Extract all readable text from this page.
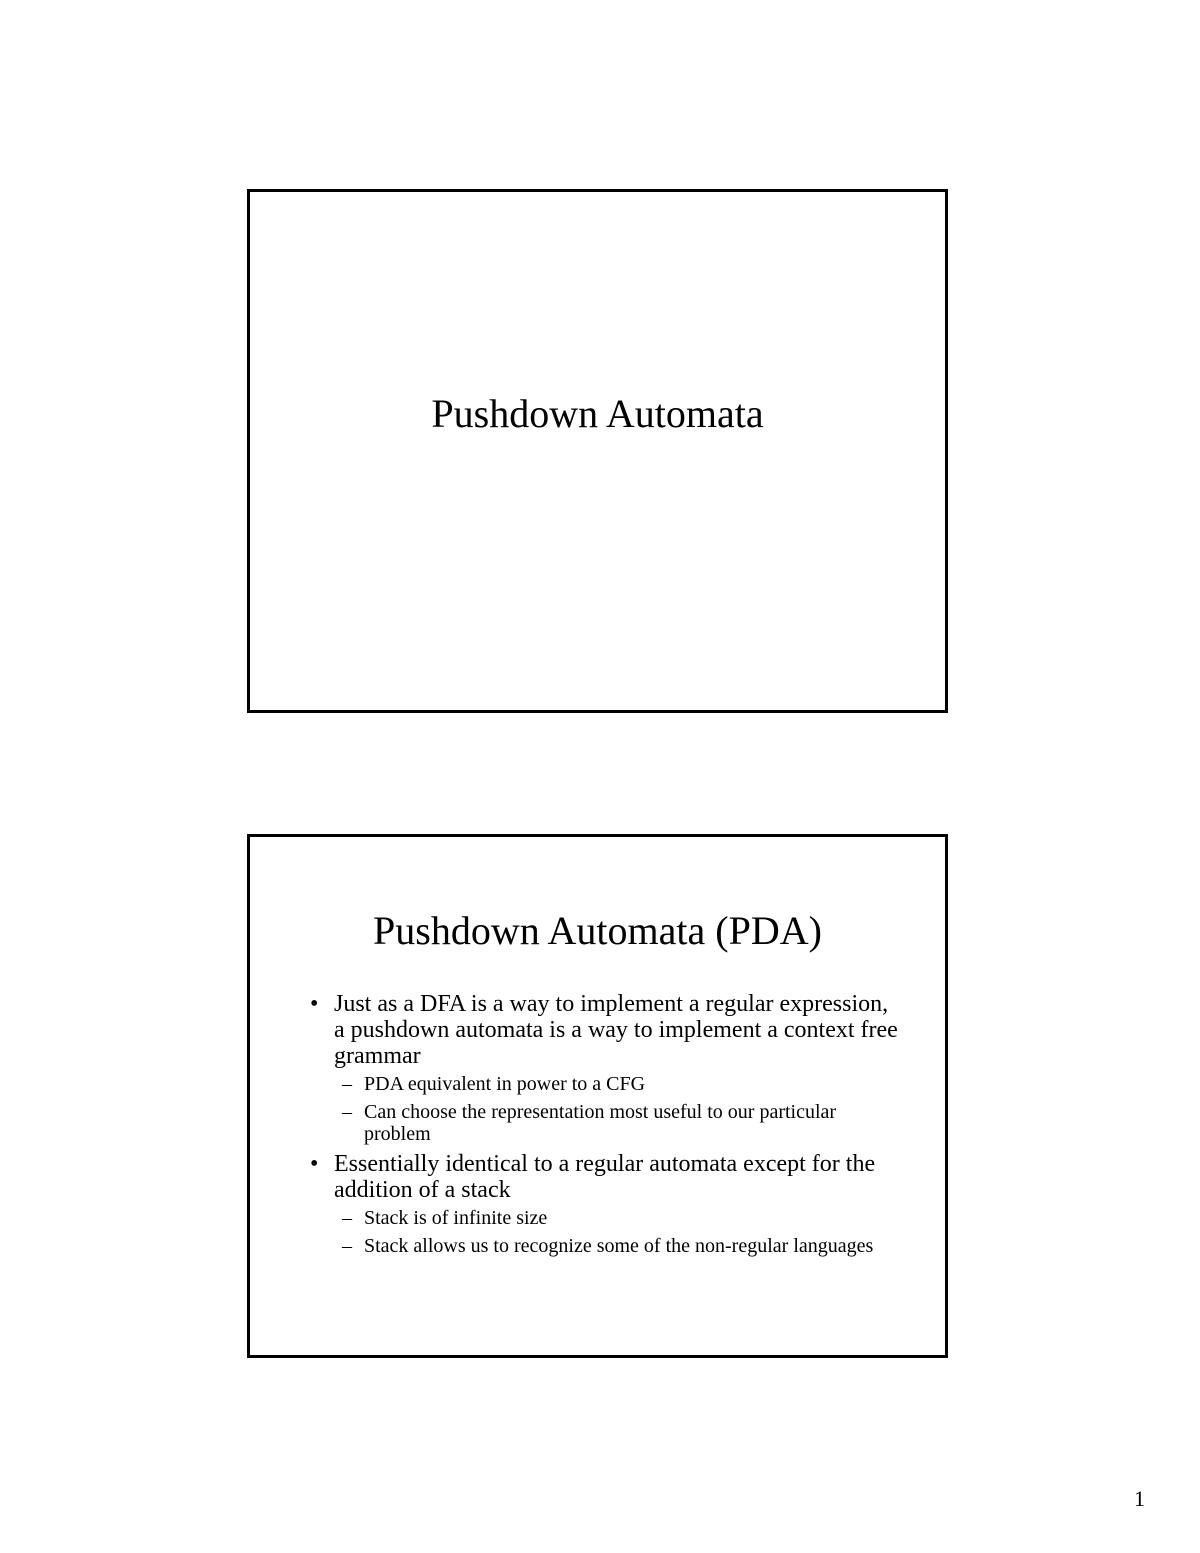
Pushdown Automata
Pushdown Automata (PDA)
• Just as a DFA is a way to implement a regular expression, a pushdown automata is a way to implement a context free grammar
– PDA equivalent in power to a CFG
– Can choose the representation most useful to our particular problem
• Essentially identical to a regular automata except for the addition of a stack
– Stack is of infinite size
– Stack allows us to recognize some of the non-regular languages
1
